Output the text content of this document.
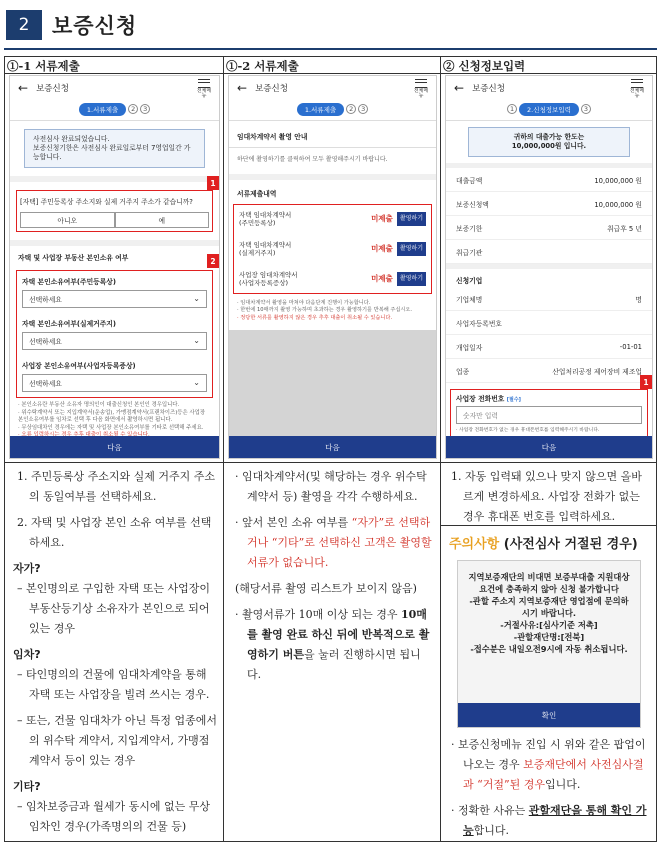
2	보증신청
①-1 서류제출	①-2 서류제출	② 신청정보입력
← 보증신청	전체메뉴
1.서류제출	2	3
사전심사 완료되었습니다.
보증신청기한은 사전심사 완료일로부터 7영업일간 가능합니다.
1
[자택] 주민등록상 주소지와 실제 거주지 주소가 같습니까?
아니오	예
자택 및 사업장 부동산 본인소유 여부	2
자택 본인소유여부(주민등록상)
선택하세요	⌄
자택 본인소유여부(실제거주지)
선택하세요	⌄
사업장 본인소유여부(사업자등록증상)
선택하세요	⌄
· 본인소유란 부동산 소유자 명의인이 대출신청인 본인인 경우입니다.
· 위수탁계약서 또는 지입계약서(운송업), 가맹점계약서(프랜차이즈)등은 사업장 본인소유여부를 임차로 선택 후 다음 화면에서 촬영하시면 됩니다.
· 무상임대차인 경우에는 자택 및 사업장 본인소유여부를 기타로 선택해 주세요.
다음
← 보증신청	전체메뉴
1.서류제출	2	3
임대차계약서 촬영 안내
하단에 촬영하기를 클릭하여 모두 촬영해주시기 바랍니다.
서류제출내역
자택 임대차계약서
(주민등록상)	미제출	촬영하기
자택 임대차계약서
(실제거주지)	미제출	촬영하기
사업장 임대차계약서
(사업자등록증상)	미제출	촬영하기
· 임대차계약서 촬영을 마쳐야 다음단계 진행이 가능합니다.
· 한번에 10매까지 촬영 가능하며 초과하는 경우 촬영하기를 반복해 주십시오.
· 정당한 서류를 촬영하지 않은 경우 추후 대출이 취소될 수 있습니다.
다음
← 보증신청	전체메뉴
1	2.신청정보입력	3
귀하의 대출가능 한도는
10,000,000원 입니다.
대출금액	10,000,000 원
보증신청액	10,000,000 원
보증기한	취급후 5 년
취급기관
신청기업
기업체명	명
사업자등록번호
개업일자	-01-01
업종	산업처리공정 제어장비 제조업
1
사업장 전화번호 [필수]
숫자만 입력
· 사업장 전화번호가 없는 경우 휴대폰번호를 입력해주시기 바랍니다.
다음

1. 주민등록상 주소지와 실제 거주지 주소의 동일여부를 선택하세요.

2. 자택 및 사업장 본인 소유 여부를 선택하세요.

자가?

– 본인명의로 구입한 자택 또는 사업장이 부동산등기상 소유자가 본인으로 되어 있는 경우

임차?

– 타인명의의 건물에 임대차계약을 통해 자택 또는 사업장을 빌려 쓰시는 경우.

– 또는, 건물 임대차가 아닌 특정 업종에서의 위수탁 계약서, 지입계약서, 가맹점계약서 등이 있는 경우

기타?

– 임차보증금과 월세가 동시에 없는 무상임차인 경우(가족명의의 건물 등)

· 임대차계약서(및 해당하는 경우 위수탁계약서 등) 촬영을 각각 수행하세요.

· 앞서 본인 소유 여부를 “자가”로 선택하거나 “기타”로 선택하신 고객은 촬영할 서류가 없습니다.

(해당서류 촬영 리스트가 보이지 않음)

· 촬영서류가 10매 이상 되는 경우 10매를 촬영 완료 하신 뒤에 반복적으로 촬영하기 버튼을 눌러 진행하시면 됩니다.

1. 자동 입력돼 있으나 맞지 않으면 올바르게 변경하세요. 사업장 전화가 없는 경우 휴대폰 번호를 입력하세요.

주의사항 (사전심사 거절된 경우)
지역보증재단의 비대면 보증부대출 지원대상 요건에 충족하지 않아 신청 불가합니다
-관할 주소지 지역보증재단 영업점에 문의하시기 바랍니다.
-거절사유:[심사기준 저촉]
-관할재단명:[전북]
-접수분은 내일오전9시에 자동 취소됩니다.
확인

· 보증신청메뉴 진입 시 위와 같은 팝업이 나오는 경우 보증재단에서 사전심사결과 “거절”된 경우입니다.

· 정확한 사유는 관할재단을 통해 확인 가능합니다.
